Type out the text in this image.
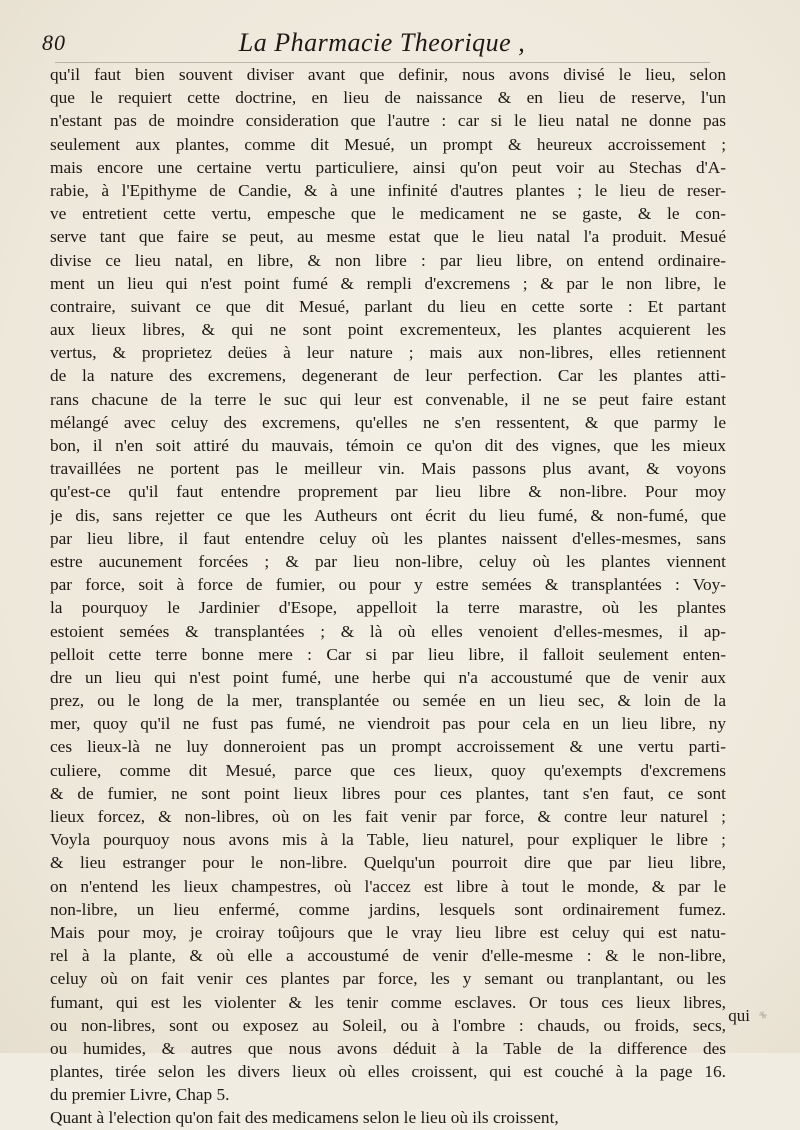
80	La Pharmacie Theorique ,
qu'il faut bien souvent diviser avant que definir, nous avons divisé le lieu, selon
que le requiert cette doctrine, en lieu de naissance & en lieu de reserve, l'un
n'estant pas de moindre consideration que l'autre : car si le lieu natal ne donne pas
seulement aux plantes, comme dit Mesué, un prompt & heureux accroissement ;
mais encore une certaine vertu particuliere, ainsi qu'on peut voir au Stechas d'A-
rabie, à l'Epithyme de Candie, & à une infinité d'autres plantes ; le lieu de reser-
ve entretient cette vertu, empesche que le medicament ne se gaste, & le con-
serve tant que faire se peut, au mesme estat que le lieu natal l'a produit. Mesué
divise ce lieu natal, en libre, & non libre : par lieu libre, on entend ordinaire-
ment un lieu qui n'est point fumé & rempli d'excremens ; & par le non libre, le
contraire, suivant ce que dit Mesué, parlant du lieu en cette sorte : Et partant
aux lieux libres, & qui ne sont point excrementeux, les plantes acquierent les
vertus, & proprietez deües à leur nature ; mais aux non-libres, elles retiennent
de la nature des excremens, degenerant de leur perfection. Car les plantes atti-
rans chacune de la terre le suc qui leur est convenable, il ne se peut faire estant
mélangé avec celuy des excremens, qu'elles ne s'en ressentent, & que parmy le
bon, il n'en soit attiré du mauvais, témoin ce qu'on dit des vignes, que les mieux
travaillées ne portent pas le meilleur vin. Mais passons plus avant, & voyons
qu'est-ce qu'il faut entendre proprement par lieu libre & non-libre. Pour moy
je dis, sans rejetter ce que les Autheurs ont écrit du lieu fumé, & non-fumé, que
par lieu libre, il faut entendre celuy où les plantes naissent d'elles-mesmes, sans
estre aucunement forcées ; & par lieu non-libre, celuy où les plantes viennent
par force, soit à force de fumier, ou pour y estre semées & transplantées : Voy-
la pourquoy le Jardinier d'Esope, appelloit la terre marastre, où les plantes
estoient semées & transplantées ; & là où elles venoient d'elles-mesmes, il ap-
pelloit cette terre bonne mere : Car si par lieu libre, il falloit seulement enten-
dre un lieu qui n'est point fumé, une herbe qui n'a accoustumé que de venir aux
prez, ou le long de la mer, transplantée ou semée en un lieu sec, & loin de la
mer, quoy qu'il ne fust pas fumé, ne viendroit pas pour cela en un lieu libre, ny
ces lieux-là ne luy donneroient pas un prompt accroissement & une vertu parti-
culiere, comme dit Mesué, parce que ces lieux, quoy qu'exempts d'excremens
& de fumier, ne sont point lieux libres pour ces plantes, tant s'en faut, ce sont
lieux forcez, & non-libres, où on les fait venir par force, & contre leur naturel ;
Voyla pourquoy nous avons mis à la Table, lieu naturel, pour expliquer le libre ;
& lieu estranger pour le non-libre. Quelqu'un pourroit dire que par lieu libre,
on n'entend les lieux champestres, où l'accez est libre à tout le monde, & par le
non-libre, un lieu enfermé, comme jardins, lesquels sont ordinairement fumez.
Mais pour moy, je croiray toûjours que le vray lieu libre est celuy qui est natu-
rel à la plante, & où elle a accoustumé de venir d'elle-mesme : & le non-libre,
celuy où on fait venir ces plantes par force, les y semant ou tranplantant, ou les
fumant, qui est les violenter & les tenir comme esclaves. Or tous ces lieux libres,
ou non-libres, sont ou exposez au Soleil, ou à l'ombre : chauds, ou froids, secs,
ou humides, & autres que nous avons déduit à la Table de la difference des
plantes, tirée selon les divers lieux où elles croissent, qui est couché à la page 16.
du premier Livre, Chap 5.
Quant à l'election qu'on fait des medicamens selon le lieu où ils croissent,
qui
